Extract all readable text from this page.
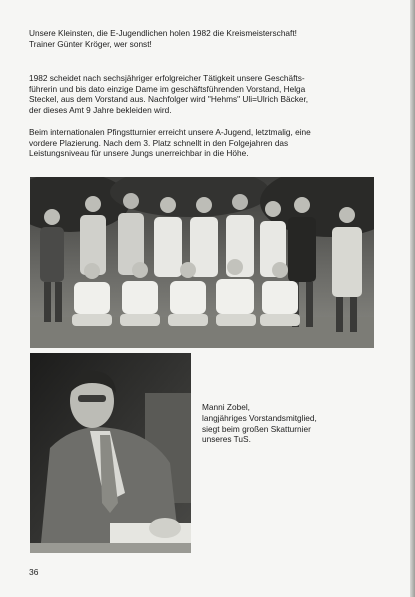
Unsere Kleinsten, die E-Jugendlichen holen 1982 die Kreismeisterschaft!
Trainer Günter Kröger, wer sonst!

1982 scheidet nach sechsjähriger erfolgreicher Tätigkeit unsere Geschäfts-
führerin und bis dato einzige Dame im geschäftsführenden Vorstand, Helga
Steckel, aus dem Vorstand aus. Nachfolger wird "Hehms" Uli=Ulrich Bäcker,
der dieses Amt 9 Jahre bekleiden wird.

Beim internationalen Pfingstturnier erreicht unsere A-Jugend, letztmalig, eine
vordere Plazierung. Nach dem 3. Platz schnellt in den Folgejahren das
Leistungsniveau für unsere Jungs unerreichbar in die Höhe.

Manni Zobel,
langjähriges Vorstandsmitglied,
siegt beim großen Skatturnier
unseres TuS.
36
